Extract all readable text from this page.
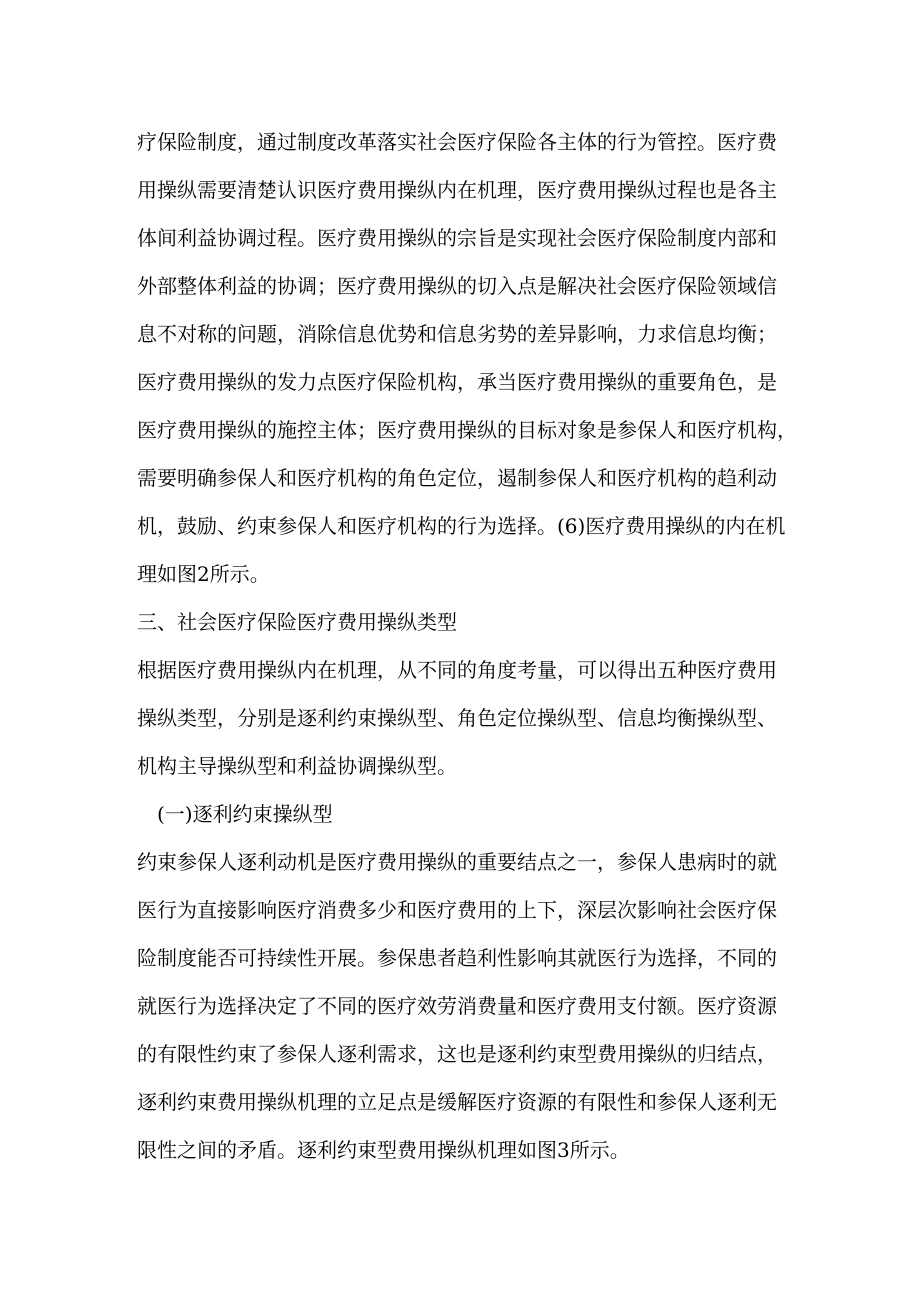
疗保险制度，通过制度改革落实社会医疗保险各主体的行为管控。医疗费

用操纵需要清楚认识医疗费用操纵内在机理，医疗费用操纵过程也是各主

体间利益协调过程。医疗费用操纵的宗旨是实现社会医疗保险制度内部和

外部整体利益的协调；医疗费用操纵的切入点是解决社会医疗保险领域信

息不对称的问题，消除信息优势和信息劣势的差异影响，力求信息均衡；

医疗费用操纵的发力点医疗保险机构，承当医疗费用操纵的重要角色，是

医疗费用操纵的施控主体；医疗费用操纵的目标对象是参保人和医疗机构，

需要明确参保人和医疗机构的角色定位，遏制参保人和医疗机构的趋利动

机，鼓励、约束参保人和医疗机构的行为选择。(6)医疗费用操纵的内在机

理如图2所示。

三、社会医疗保险医疗费用操纵类型

根据医疗费用操纵内在机理，从不同的角度考量，可以得出五种医疗费用

操纵类型，分别是逐利约束操纵型、角色定位操纵型、信息均衡操纵型、

机构主导操纵型和利益协调操纵型。

(一)逐利约束操纵型

约束参保人逐利动机是医疗费用操纵的重要结点之一，参保人患病时的就

医行为直接影响医疗消费多少和医疗费用的上下，深层次影响社会医疗保

险制度能否可持续性开展。参保患者趋利性影响其就医行为选择，不同的

就医行为选择决定了不同的医疗效劳消费量和医疗费用支付额。医疗资源

的有限性约束了参保人逐利需求，这也是逐利约束型费用操纵的归结点，

逐利约束费用操纵机理的立足点是缓解医疗资源的有限性和参保人逐利无

限性之间的矛盾。逐利约束型费用操纵机理如图3所示。
